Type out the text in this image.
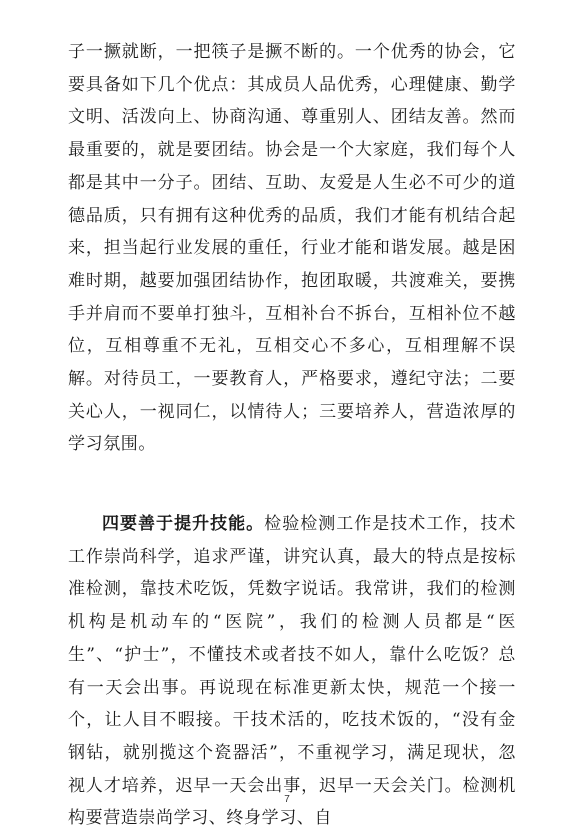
子一撅就断，一把筷子是撅不断的。一个优秀的协会，它要具备如下几个优点：其成员人品优秀，心理健康、勤学文明、活泼向上、协商沟通、尊重别人、团结友善。然而最重要的，就是要团结。协会是一个大家庭，我们每个人都是其中一分子。团结、互助、友爱是人生必不可少的道德品质，只有拥有这种优秀的品质，我们才能有机结合起来，担当起行业发展的重任，行业才能和谐发展。越是困难时期，越要加强团结协作，抱团取暖，共渡难关，要携手并肩而不要单打独斗，互相补台不拆台，互相补位不越位，互相尊重不无礼，互相交心不多心，互相理解不误解。对待员工，一要教育人，严格要求，遵纪守法；二要关心人，一视同仁，以情待人；三要培养人，营造浓厚的学习氛围。

四要善于提升技能。检验检测工作是技术工作，技术工作崇尚科学，追求严谨，讲究认真，最大的特点是按标准检测，靠技术吃饭，凭数字说话。我常讲，我们的检测机构是机动车的“医院”，我们的检测人员都是“医生”、“护士”，不懂技术或者技不如人，靠什么吃饭？总有一天会出事。再说现在标准更新太快，规范一个接一个，让人目不暇接。干技术活的，吃技术饭的，“没有金钢钻，就别揽这个瓷器活”，不重视学习，满足现状，忽视人才培养，迟早一天会出事，迟早一天会关门。检测机构要营造崇尚学习、终身学习、自

7
